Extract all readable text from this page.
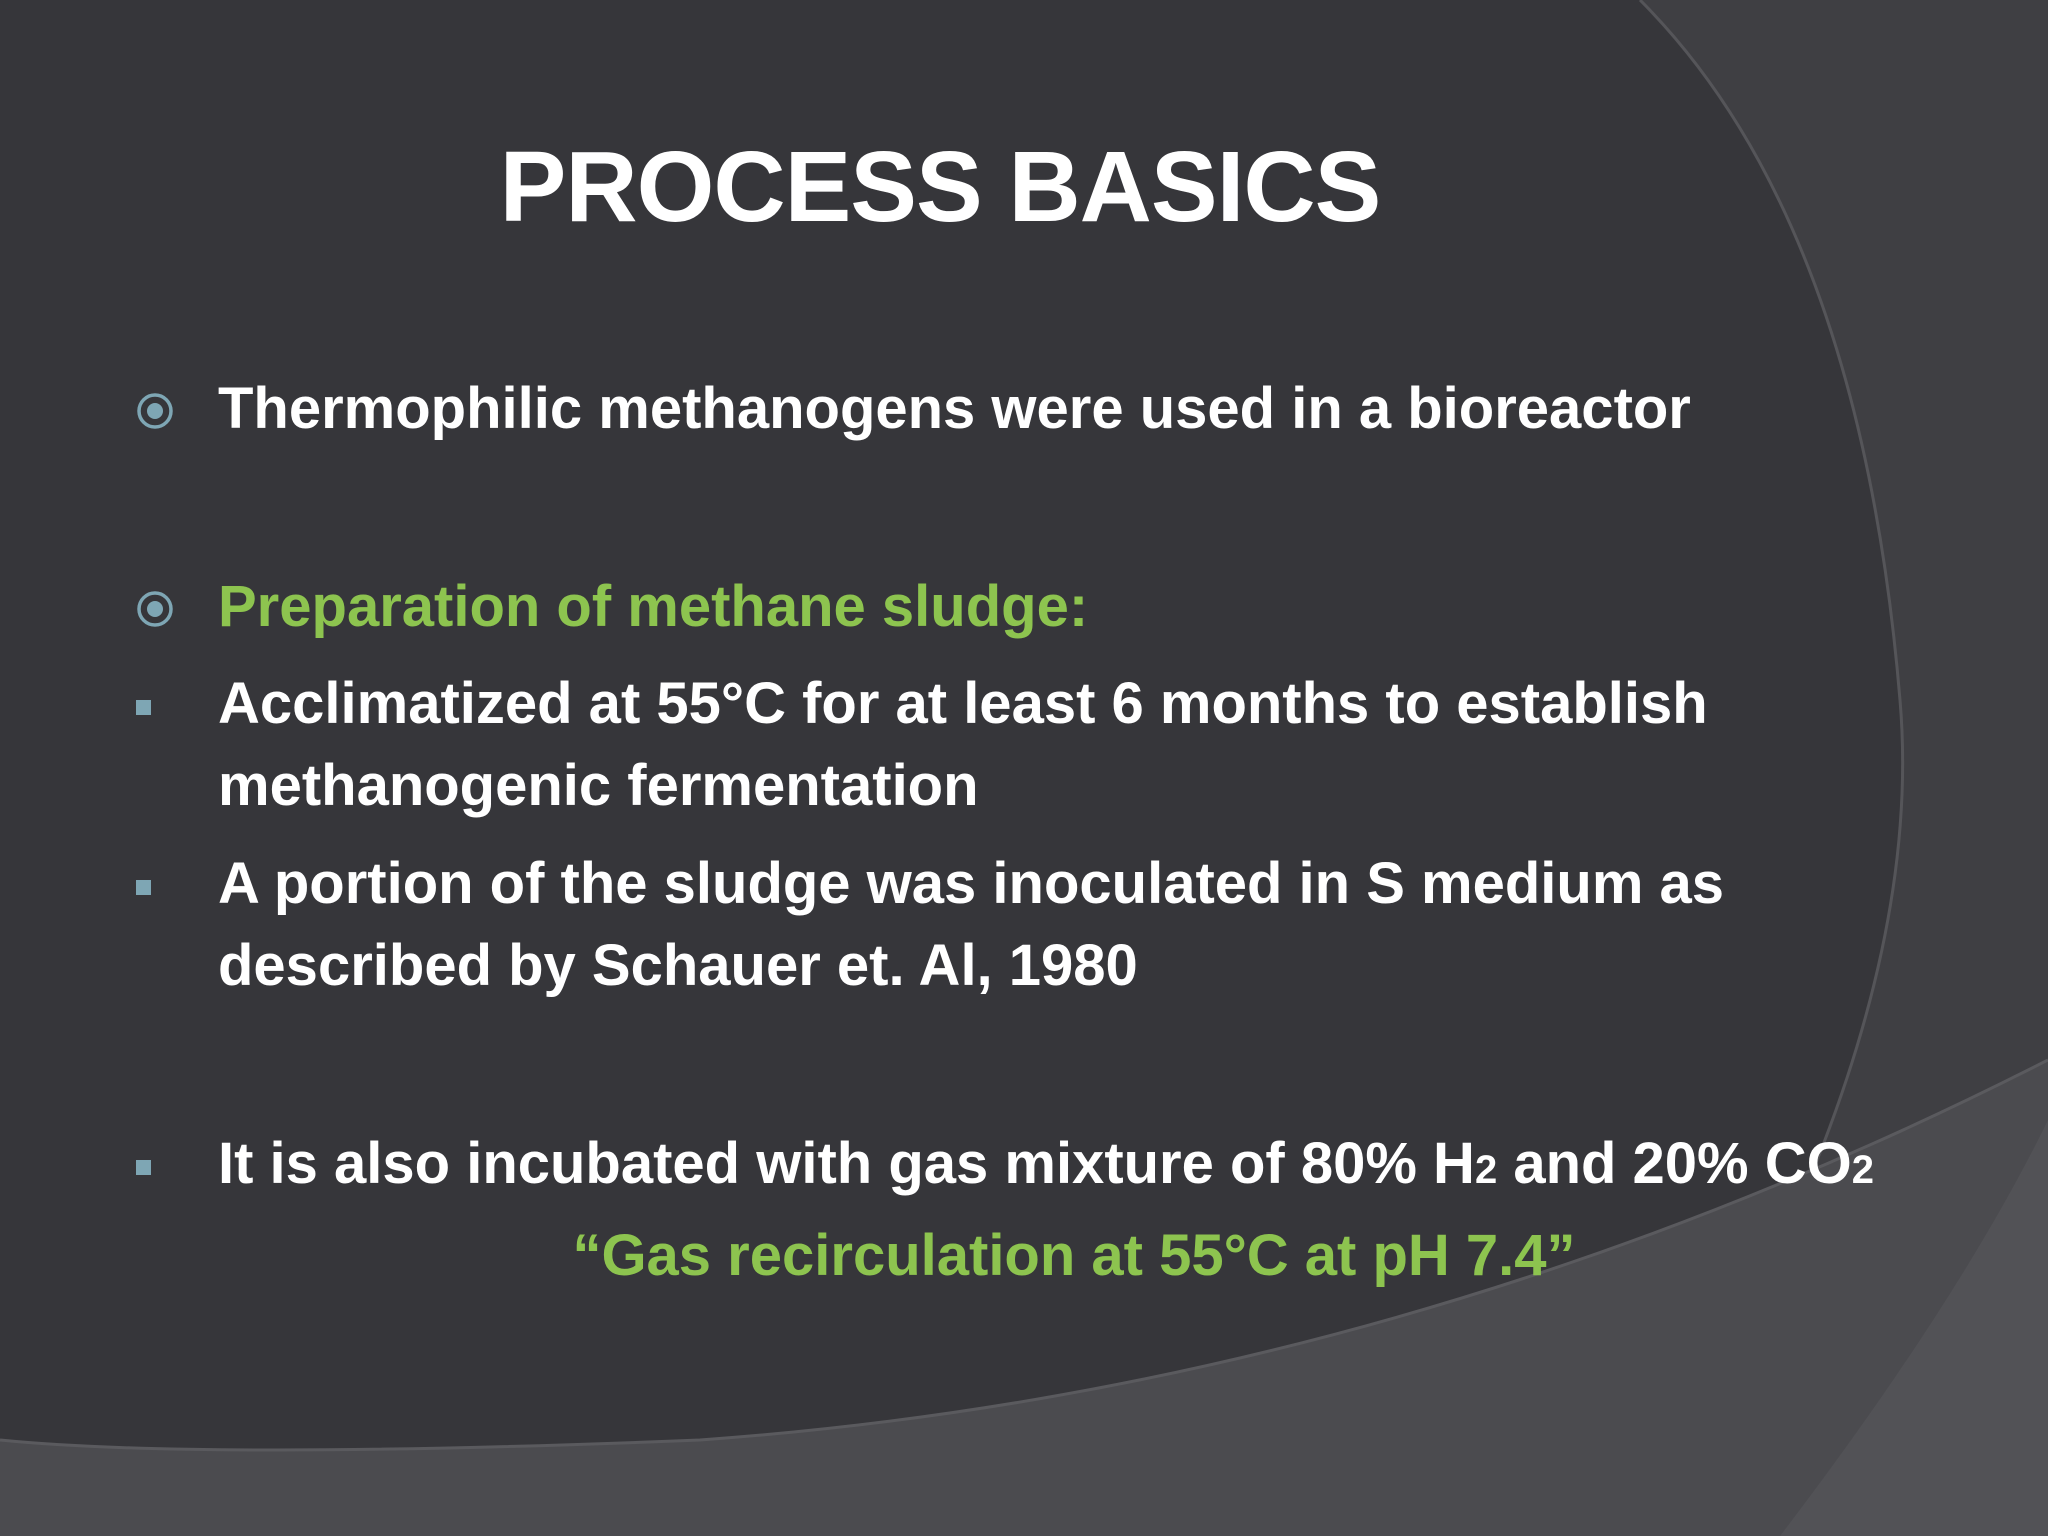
PROCESS BASICS
Thermophilic methanogens were used in a bioreactor
Preparation of methane sludge:
Acclimatized at 55°C for at least 6 months to establish
methanogenic fermentation
A portion of the sludge was inoculated in S medium as
described by Schauer et. Al, 1980
It is also incubated with gas mixture of 80% H2 and 20% CO2
“Gas recirculation at 55°C at pH 7.4”
